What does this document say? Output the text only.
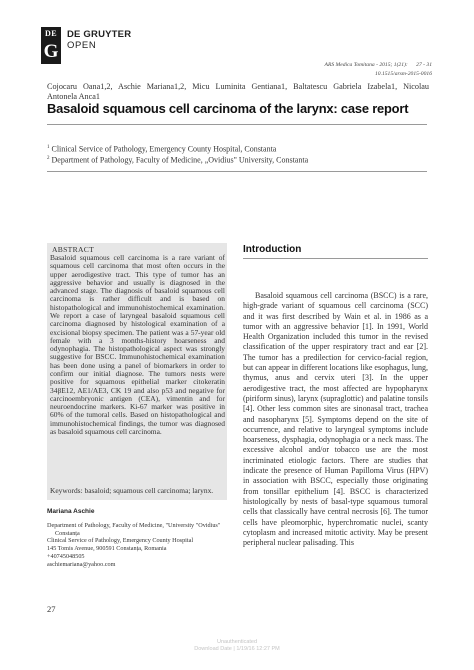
DE
G
DE GRUYTER
OPEN
ARS Medica Tomitana - 2015; 1(21):      27 - 31
10.1515/arsm-2015-0016
Cojocaru Oana1,2, Aschie Mariana1,2, Micu Luminita Gentiana1, Baltatescu Gabriela Izabela1, Nicolau
Antonela Anca1
Basaloid squamous cell carcinoma of the larynx: case report
$^1$ Clinical Service of Pathology, Emergency County Hospital, Constanta
$^2$ Department of Pathology, Faculty of Medicine, „Ovidius" University, Constanta
ABSTRACT

Basaloid squamous cell carcinoma is a rare variant of squamous cell carcinoma that most often occurs in the upper aerodigestive tract. This type of tumor has an aggressive behavior and usually is diagnosed in the advanced stage. The diagnosis of basaloid squamous cell carcinoma is rather difficult and is based on histopathological and immunohistochemical examination. We report a case of laryngeal basaloid squamous cell carcinoma diagnosed by histological examination of a excisional biopsy specimen. The patient was a 57-year old female with a 3 months-history hoarseness and odynophagia. The histopathological aspect was strongly suggestive for BSCC. Immunohistochemical examination has been done using a panel of biomarkers in order to confirm our initial diagnose. The tumors nests were positive for squamous epithelial marker citokeratin 34βE12, AE1/AE3, CK 19 and also p53 and negative for carcinoembryonic antigen (CEA), vimentin and for neuroendocrine markers. Ki-67 marker was positive in 60% of the tumoral cells. Based on histopathological and immunohistochemical findings, the tumor was diagnosed as basaloid squamous cell carcinoma.

Keywords: basaloid; squamous cell carcinoma; larynx.
Mariana Aschie
Department of Pathology, Faculty of Medicine, "University "Ovidius"
Constanța
Clinical Service of Pathology, Emergency County Hospital
145 Tomis Avenue, 900591 Constanța, Romania
+40745048505
aschiemariana@yahoo.com
Introduction

Basaloid squamous cell carcinoma (BSCC) is a rare, high-grade variant of squamous cell carcinoma (SCC) and it was first described by Wain et al. in 1986 as a tumor with an aggressive behavior [1]. In 1991, World Health Organization included this tumor in the revised classification of the upper respiratory tract and ear [2]. The tumor has a predilection for cervico-facial region, but can appear in different locations like esophagus, lung, thymus, anus and cervix uteri [3]. In the upper aerodigestive tract, the most affected are hypopharynx (piriform sinus), larynx (supraglottic) and palatine tonsils [4]. Other less common sites are sinonasal tract, trachea and nasopharynx [5]. Symptoms depend on the site of occurrence, and relative to laryngeal symptoms include hoarseness, dysphagia, odynophagia or a neck mass. The excessive alcohol and/or tobacco use are the most incriminated etiologic factors. There are studies that indicate the presence of Human Papilloma Virus (HPV) in association with BSCC, especially those originating from tonsillar epithelium [4]. BSCC is characterized histologically by nests of basal-type squamous tumoral cells that classically have central necrosis [6]. The tumor cells have pleomorphic, hyperchromatic nuclei, scanty cytoplasm and increased mitotic activity. May be present peripheral nuclear palisading. This

27
Unauthenticated
Download Date | 1/19/16 12:27 PM
